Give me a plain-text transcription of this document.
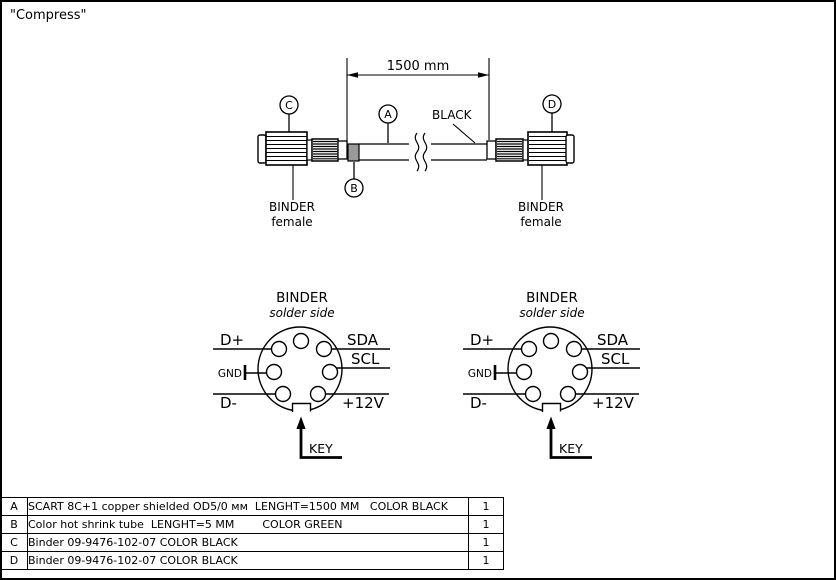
"Compress"
1500 mm
C	D
A
B
BLACK
BINDER
female
BINDER
female
BINDER
solder side
D+	SDA
GND
SCL
D-	+12V
KEY
BINDER
solder side
D+	SDA
GND
SCL
D-	+12V
KEY
A	SCART 8C+1 copper shielded OD5/0 мм  LENGHT=1500 MM   COLOR BLACK	1
B	Color hot shrink tube  LENGHT=5 MM        COLOR GREEN	1
C	Binder 09-9476-102-07 COLOR BLACK	1
D	Binder 09-9476-102-07 COLOR BLACK	1
